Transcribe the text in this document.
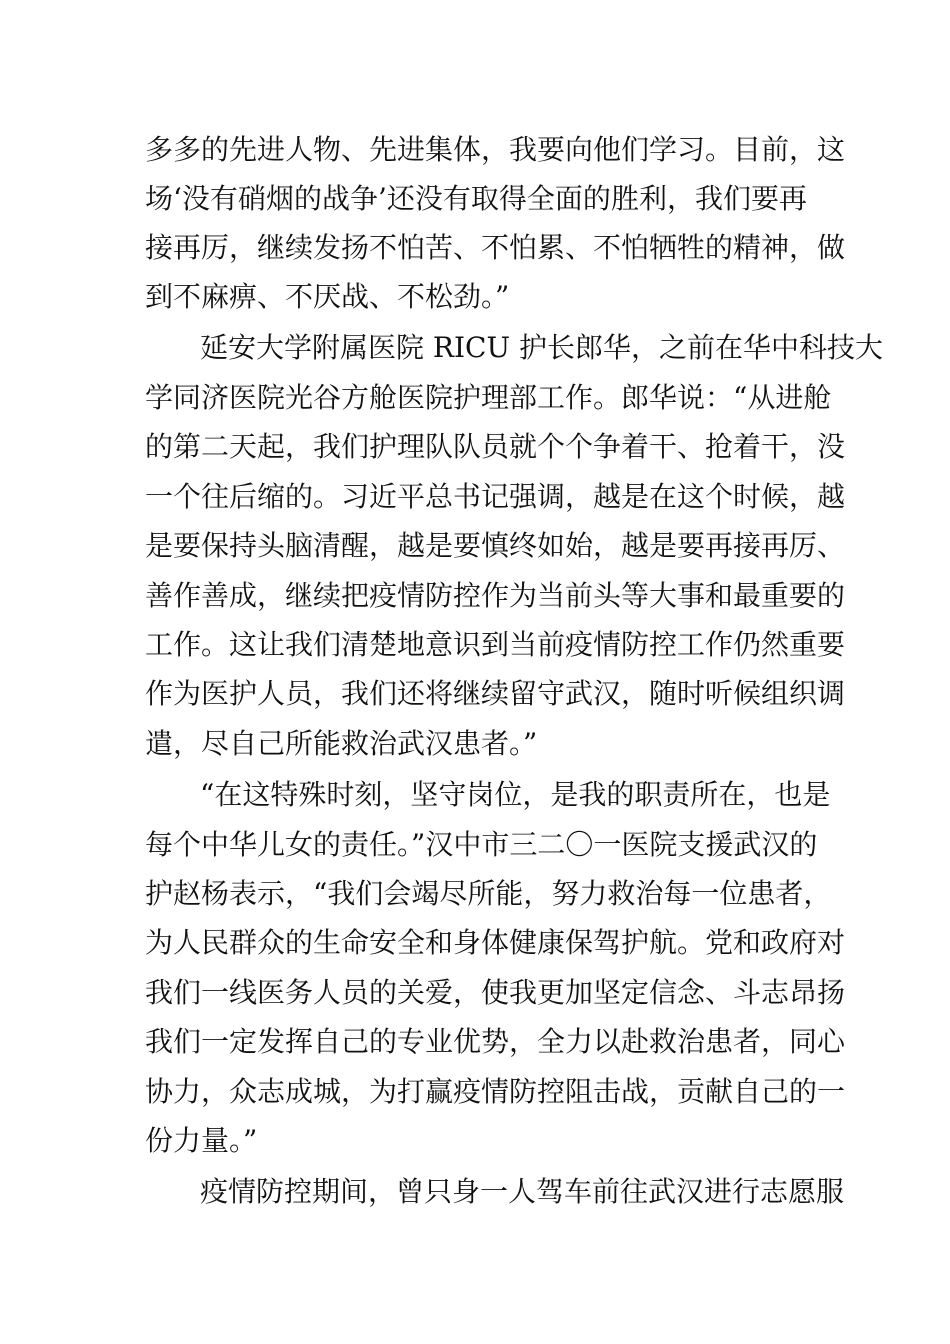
多多的先进人物、先进集体，我要向他们学习。目前，这
场‘没有硝烟的战争’还没有取得全面的胜利，我们要再
接再厉，继续发扬不怕苦、不怕累、不怕牺牲的精神，做
到不麻痹、不厌战、不松劲。”
延安大学附属医院 RICU 护长郎华，之前在华中科技大
学同济医院光谷方舱医院护理部工作。郎华说：“从进舱
的第二天起，我们护理队队员就个个争着干、抢着干，没
一个往后缩的。习近平总书记强调，越是在这个时候，越
是要保持头脑清醒，越是要慎终如始，越是要再接再厉、
善作善成，继续把疫情防控作为当前头等大事和最重要的
工作。这让我们清楚地意识到当前疫情防控工作仍然重要
作为医护人员，我们还将继续留守武汉，随时听候组织调
遣，尽自己所能救治武汉患者。”
“在这特殊时刻，坚守岗位，是我的职责所在，也是
每个中华儿女的责任。”汉中市三二〇一医院支援武汉的
护赵杨表示，“我们会竭尽所能，努力救治每一位患者，
为人民群众的生命安全和身体健康保驾护航。党和政府对
我们一线医务人员的关爱，使我更加坚定信念、斗志昂扬
我们一定发挥自己的专业优势，全力以赴救治患者，同心
协力，众志成城，为打赢疫情防控阻击战，贡献自己的一
份力量。”
疫情防控期间，曾只身一人驾车前往武汉进行志愿服
